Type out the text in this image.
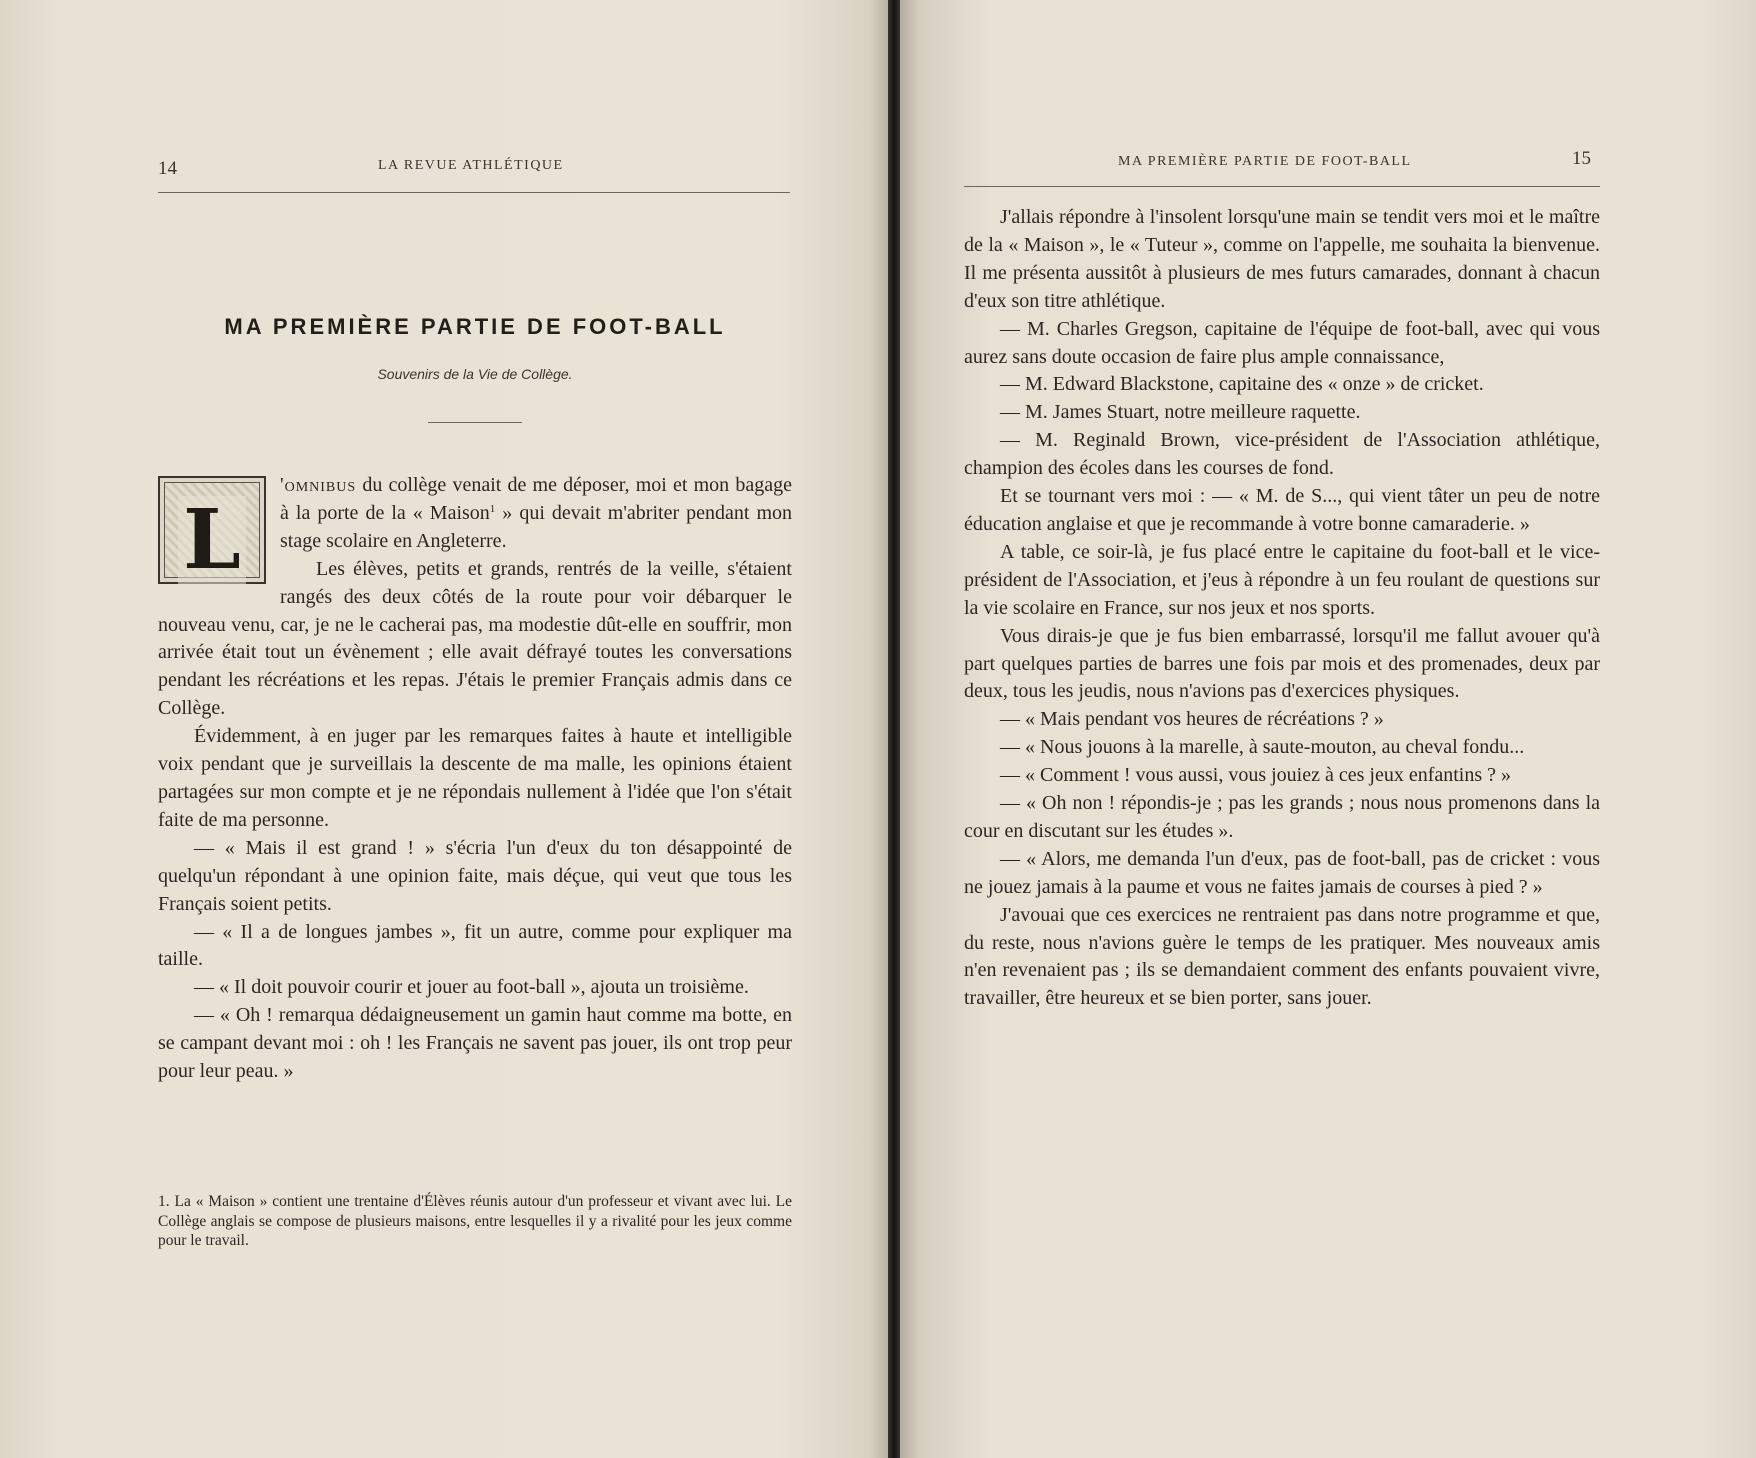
14	LA REVUE ATHLÉTIQUE
MA PREMIÈRE PARTIE DE FOOT-BALL
Souvenirs de la Vie de Collège.
L

'omnibus du collège venait de me déposer, moi et mon bagage à la porte de la « Maison$^1$ » qui devait m'abriter pendant mon stage scolaire en Angleterre.

Les élèves, petits et grands, rentrés de la veille, s'étaient rangés des deux côtés de la route pour voir débarquer le nouveau venu, car, je ne le cacherai pas, ma modestie dût-elle en souffrir, mon arrivée était tout un évènement ; elle avait défrayé toutes les conversations pendant les récréations et les repas. J'étais le premier Français admis dans ce Collège.

Évidemment, à en juger par les remarques faites à haute et intelligible voix pendant que je surveillais la descente de ma malle, les opinions étaient partagées sur mon compte et je ne répondais nullement à l'idée que l'on s'était faite de ma personne.

— « Mais il est grand ! » s'écria l'un d'eux du ton désappointé de quelqu'un répondant à une opinion faite, mais déçue, qui veut que tous les Français soient petits.

— « Il a de longues jambes », fit un autre, comme pour expliquer ma taille.

— « Il doit pouvoir courir et jouer au foot-ball », ajouta un troisième.

— « Oh ! remarqua dédaigneusement un gamin haut comme ma botte, en se campant devant moi : oh ! les Français ne savent pas jouer, ils ont trop peur pour leur peau. »

1. La « Maison » contient une trentaine d'Élèves réunis autour d'un professeur et vivant avec lui. Le Collège anglais se compose de plusieurs maisons, entre lesquelles il y a rivalité pour les jeux comme pour le travail.
MA PREMIÈRE PARTIE DE FOOT-BALL	15

J'allais répondre à l'insolent lorsqu'une main se tendit vers moi et le maître de la « Maison », le « Tuteur », comme on l'appelle, me souhaita la bienvenue. Il me présenta aussitôt à plusieurs de mes futurs camarades, donnant à chacun d'eux son titre athlétique.

— M. Charles Gregson, capitaine de l'équipe de foot-ball, avec qui vous aurez sans doute occasion de faire plus ample connaissance,

— M. Edward Blackstone, capitaine des « onze » de cricket.

— M. James Stuart, notre meilleure raquette.

— M. Reginald Brown, vice-président de l'Association athlétique, champion des écoles dans les courses de fond.

Et se tournant vers moi : — « M. de S..., qui vient tâter un peu de notre éducation anglaise et que je recommande à votre bonne camaraderie. »

A table, ce soir-là, je fus placé entre le capitaine du foot-ball et le vice-président de l'Association, et j'eus à répondre à un feu roulant de questions sur la vie scolaire en France, sur nos jeux et nos sports.

Vous dirais-je que je fus bien embarrassé, lorsqu'il me fallut avouer qu'à part quelques parties de barres une fois par mois et des promenades, deux par deux, tous les jeudis, nous n'avions pas d'exercices physiques.

— « Mais pendant vos heures de récréations ? »

— « Nous jouons à la marelle, à saute-mouton, au cheval fondu...

— « Comment ! vous aussi, vous jouiez à ces jeux enfantins ? »

— « Oh non ! répondis-je ; pas les grands ; nous nous promenons dans la cour en discutant sur les études ».

— « Alors, me demanda l'un d'eux, pas de foot-ball, pas de cricket : vous ne jouez jamais à la paume et vous ne faites jamais de courses à pied ? »

J'avouai que ces exercices ne rentraient pas dans notre programme et que, du reste, nous n'avions guère le temps de les pratiquer. Mes nouveaux amis n'en revenaient pas ; ils se demandaient comment des enfants pouvaient vivre, travailler, être heureux et se bien porter, sans jouer.
